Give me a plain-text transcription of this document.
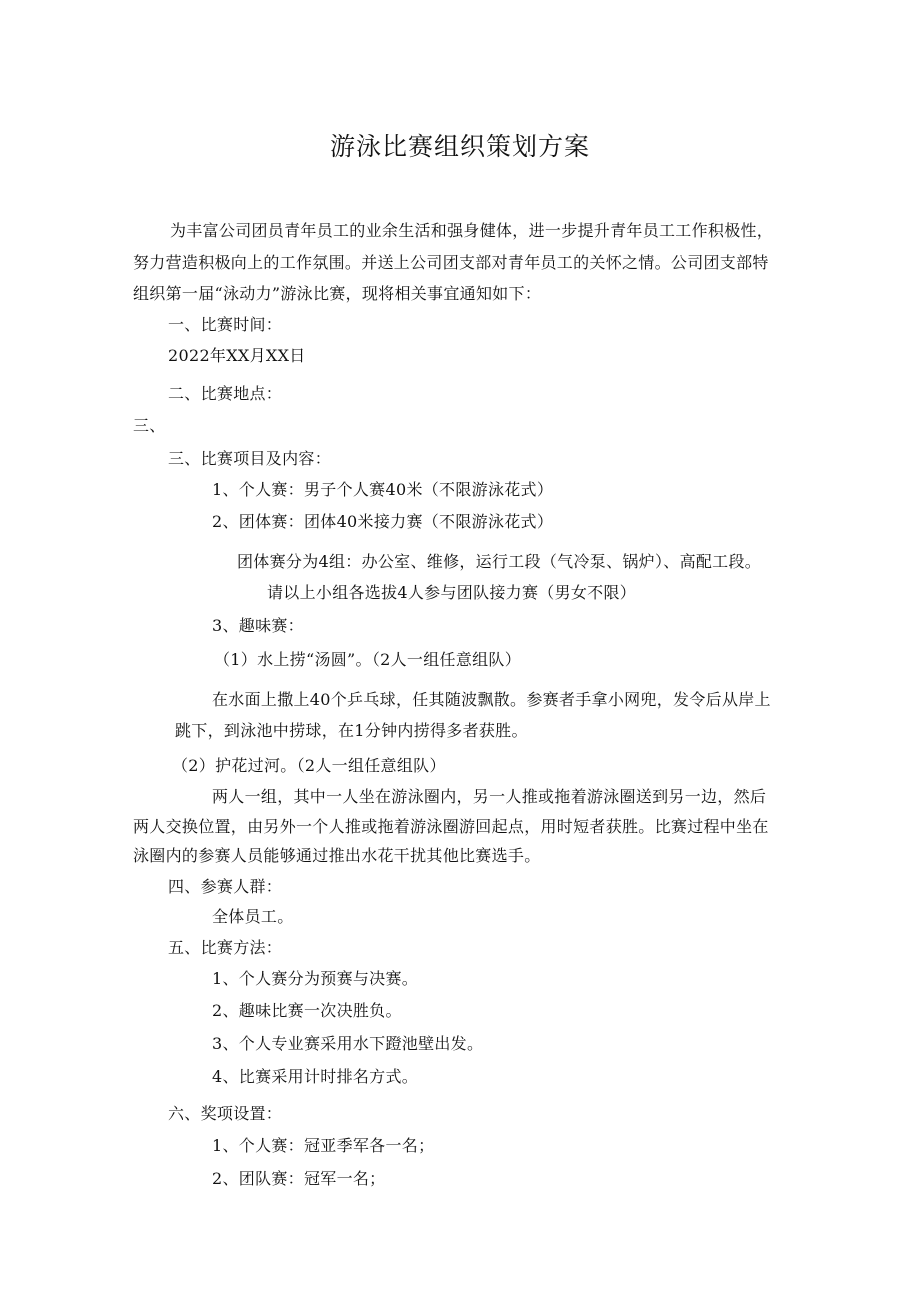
游泳比赛组织策划方案
为丰富公司团员青年员工的业余生活和强身健体，进一步提升青年员工工作积极性，
努力营造积极向上的工作氛围。并送上公司团支部对青年员工的关怀之情。公司团支部特
组织第一届“泳动力”游泳比赛，现将相关事宜通知如下：
一、比赛时间：
2022年XX月XX日
二、比赛地点：
三、
三、比赛项目及内容：
1、个人赛：男子个人赛40米（不限游泳花式）
2、团体赛：团体40米接力赛（不限游泳花式）
团体赛分为4组：办公室、维修，运行工段（气冷泵、锅炉）、高配工段。
请以上小组各选拔4人参与团队接力赛（男女不限）
3、趣味赛：
（1）水上捞“汤圆”。（2人一组任意组队）
在水面上撒上40个乒乓球，任其随波飘散。参赛者手拿小网兜，发令后从岸上
跳下，到泳池中捞球，在1分钟内捞得多者获胜。
（2）护花过河。（2人一组任意组队）
两人一组，其中一人坐在游泳圈内，另一人推或拖着游泳圈送到另一边，然后
两人交换位置，由另外一个人推或拖着游泳圈游回起点，用时短者获胜。比赛过程中坐在
泳圈内的参赛人员能够通过推出水花干扰其他比赛选手。
四、参赛人群：
全体员工。
五、比赛方法：
1、个人赛分为预赛与决赛。
2、趣味比赛一次决胜负。
3、个人专业赛采用水下蹬池壁出发。
4、比赛采用计时排名方式。
六、奖项设置：
1、个人赛：冠亚季军各一名；
2、团队赛：冠军一名；
